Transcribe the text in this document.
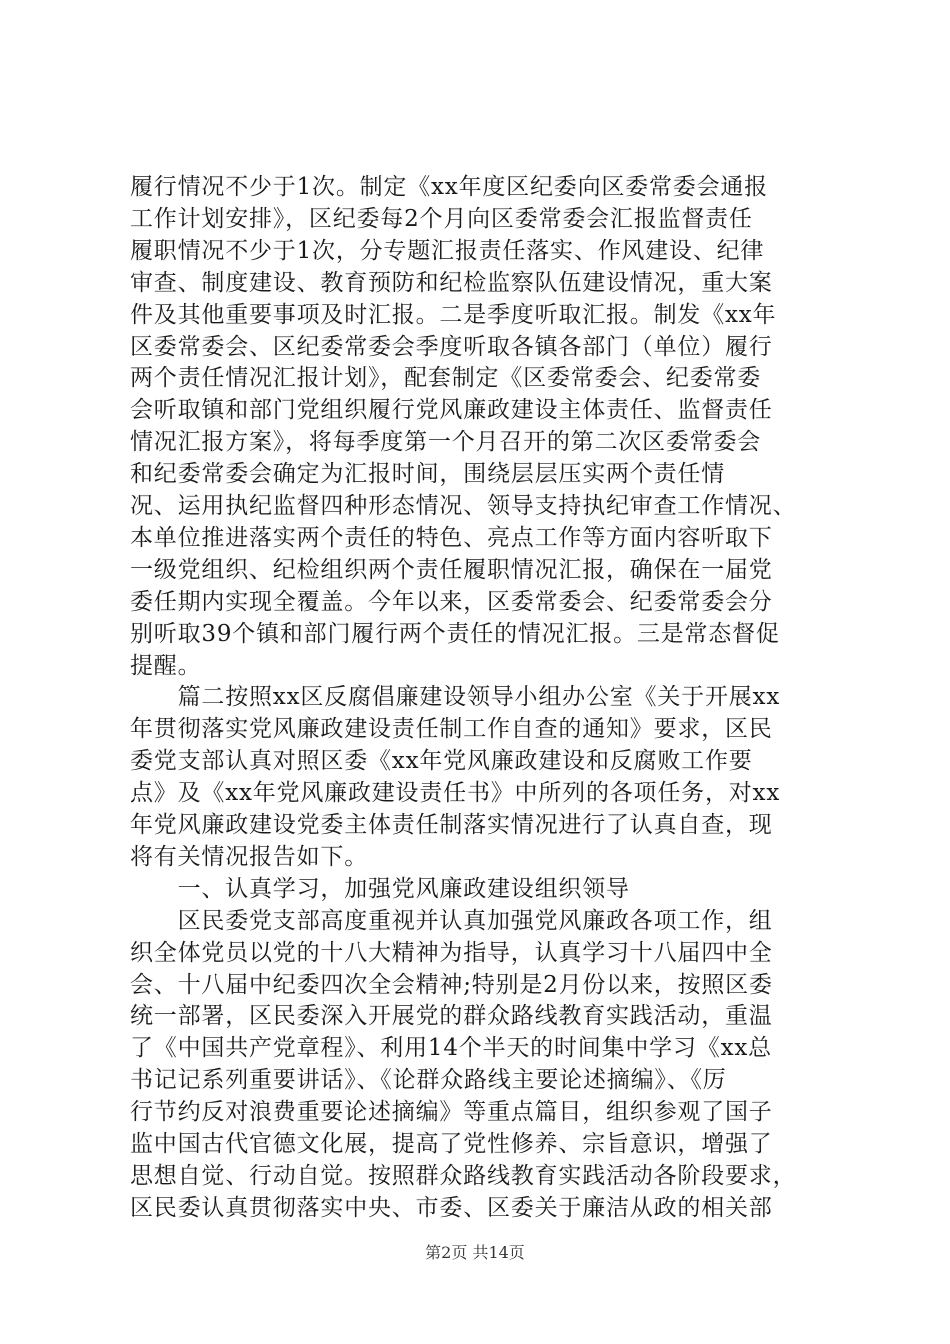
履行情况不少于1次。制定《xx年度区纪委向区委常委会通报
工作计划安排》，区纪委每2个月向区委常委会汇报监督责任
履职情况不少于1次，分专题汇报责任落实、作风建设、纪律
审查、制度建设、教育预防和纪检监察队伍建设情况，重大案
件及其他重要事项及时汇报。二是季度听取汇报。制发《xx年
区委常委会、区纪委常委会季度听取各镇各部门（单位）履行
两个责任情况汇报计划》，配套制定《区委常委会、纪委常委
会听取镇和部门党组织履行党风廉政建设主体责任、监督责任
情况汇报方案》，将每季度第一个月召开的第二次区委常委会
和纪委常委会确定为汇报时间，围绕层层压实两个责任情
况、运用执纪监督四种形态情况、领导支持执纪审查工作情况、
本单位推进落实两个责任的特色、亮点工作等方面内容听取下
一级党组织、纪检组织两个责任履职情况汇报，确保在一届党
委任期内实现全覆盖。今年以来，区委常委会、纪委常委会分
别听取39个镇和部门履行两个责任的情况汇报。三是常态督促
提醒。
　　篇二按照xx区反腐倡廉建设领导小组办公室《关于开展xx
年贯彻落实党风廉政建设责任制工作自查的通知》要求，区民
委党支部认真对照区委《xx年党风廉政建设和反腐败工作要
点》及《xx年党风廉政建设责任书》中所列的各项任务，对xx
年党风廉政建设党委主体责任制落实情况进行了认真自查，现
将有关情况报告如下。
　　一、认真学习，加强党风廉政建设组织领导
　　区民委党支部高度重视并认真加强党风廉政各项工作，组
织全体党员以党的十八大精神为指导，认真学习十八届四中全
会、十八届中纪委四次全会精神;特别是2月份以来，按照区委
统一部署，区民委深入开展党的群众路线教育实践活动，重温
了《中国共产党章程》、利用14个半天的时间集中学习《xx总
书记记系列重要讲话》、《论群众路线主要论述摘编》、《厉
行节约反对浪费重要论述摘编》等重点篇目，组织参观了国子
监中国古代官德文化展，提高了党性修养、宗旨意识，增强了
第2页 共14页
思想自觉、行动自觉。按照群众路线教育实践活动各阶段要求，
区民委认真贯彻落实中央、市委、区委关于廉洁从政的相关部
